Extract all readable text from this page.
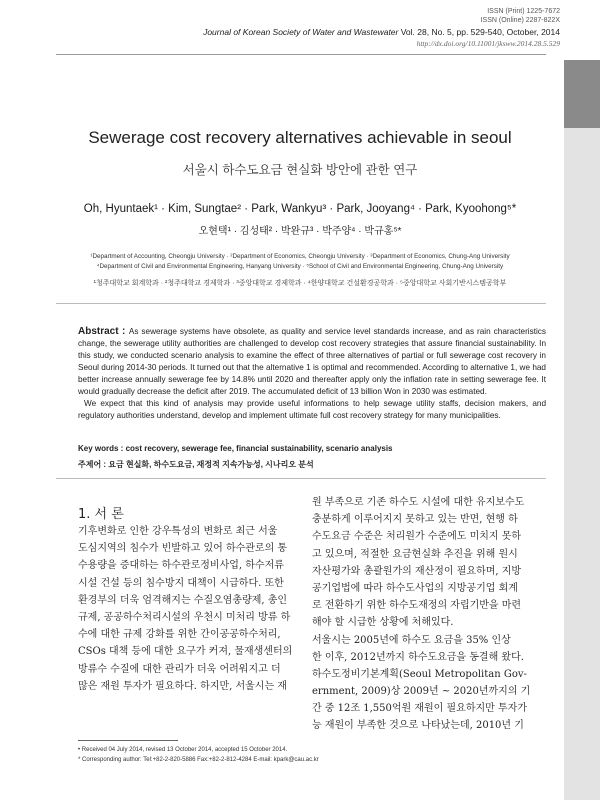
ISSN (Print) 1225-7672
ISSN (Online) 2287-822X
Journal of Korean Society of Water and Wastewater Vol. 28, No. 5, pp. 529-540, October, 2014
http://dx.doi.org/10.11001/jksww.2014.28.5.529
Sewerage cost recovery alternatives achievable in seoul
서울시 하수도요금 현실화 방안에 관한 연구
Oh, Hyuntaek¹ · Kim, Sungtae² · Park, Wankyu³ · Park, Jooyang⁴ · Park, Kyoohong⁵*
오현택¹ · 김성태² · 박완규³ · 박주양⁴ · 박규홍⁵*
¹Department of Accounting, Cheongju University · ²Department of Economics, Cheongju University · ³Department of Economics, Chung-Ang University
⁴Department of Civil and Environmental Engineering, Hanyang University · ⁵School of Civil and Environmental Engineering, Chung-Ang University
¹청주대학교 회계학과 · ²청주대학교 경제학과 · ³중앙대학교 경제학과 · ⁴한양대학교 건설환경공학과 · ⁵중앙대학교 사회기반시스템공학부

Abstract : As sewerage systems have obsolete, as quality and service level standards increase, and as rain characteristics change, the sewerage utility authorities are challenged to develop cost recovery strategies that assure financial sustainability. In this study, we conducted scenario analysis to examine the effect of three alternatives of partial or full sewerage cost recovery in Seoul during 2014-30 periods. It turned out that the alternative 1 is optimal and recommended. According to alternative 1, we had better increase annually sewerage fee by 14.8% until 2020 and thereafter apply only the inflation rate in setting sewerage fee. It would gradually decrease the deficit after 2019. The accumulated deficit of 13 billion Won in 2030 was estimated.

We expect that this kind of analysis may provide useful informations to help sewage utility staffs, decision makers, and regulatory authorities understand, develop and implement ultimate full cost recovery strategy for many municipalities.

Key words : cost recovery, sewerage fee, financial sustainability, scenario analysis
주제어 : 요금 현실화, 하수도요금, 재정적 지속가능성, 시나리오 분석
1. 서 론
기후변화로 인한 강우특성의 변화로 최근 서울
도심지역의 침수가 빈발하고 있어 하수관로의 통
수용량을 증대하는 하수관로정비사업, 하수저류
시설 건설 등의 침수방지 대책이 시급하다. 또한
환경부의 더욱 엄격해지는 수질오염총량제, 총인
규제, 공공하수처리시설의 우천시 미처리 방류 하
수에 대한 규제 강화를 위한 간이공공하수처리,
CSOs 대책 등에 대한 요구가 커져, 물재생센터의
방류수 수질에 대한 관리가 더욱 어려워지고 더
많은 재원 투자가 필요하다. 하지만, 서울시는 재
원 부족으로 기존 하수도 시설에 대한 유지보수도
충분하게 이루어지지 못하고 있는 반면, 현행 하
수도요금 수준은 처리원가 수준에도 미치지 못하
고 있으며, 적절한 요금현실화 추진을 위해 원시
자산평가와 총괄원가의 재산정이 필요하며, 지방
공기업법에 따라 하수도사업의 지방공기업 회계
로 전환하기 위한 하수도재정의 자립기반을 마련
해야 할 시급한 상황에 처해있다.
서울시는 2005년에 하수도 요금을 35% 인상
한 이후, 2012년까지 하수도요금을 동결해 왔다.
하수도정비기본계획(Seoul Metropolitan Gov-
ernment, 2009)상 2009년 ~ 2020년까지의 기
간 중 12조 1,550억원 재원이 필요하지만 투자가
능 재원이 부족한 것으로 나타났는데, 2010년 기
• Received 04 July 2014, revised 13 October 2014, accepted 15 October 2014.
* Corresponding author: Tel:+82-2-820-5886 Fax:+82-2-812-4284 E-mail: kpark@cau.ac.kr
